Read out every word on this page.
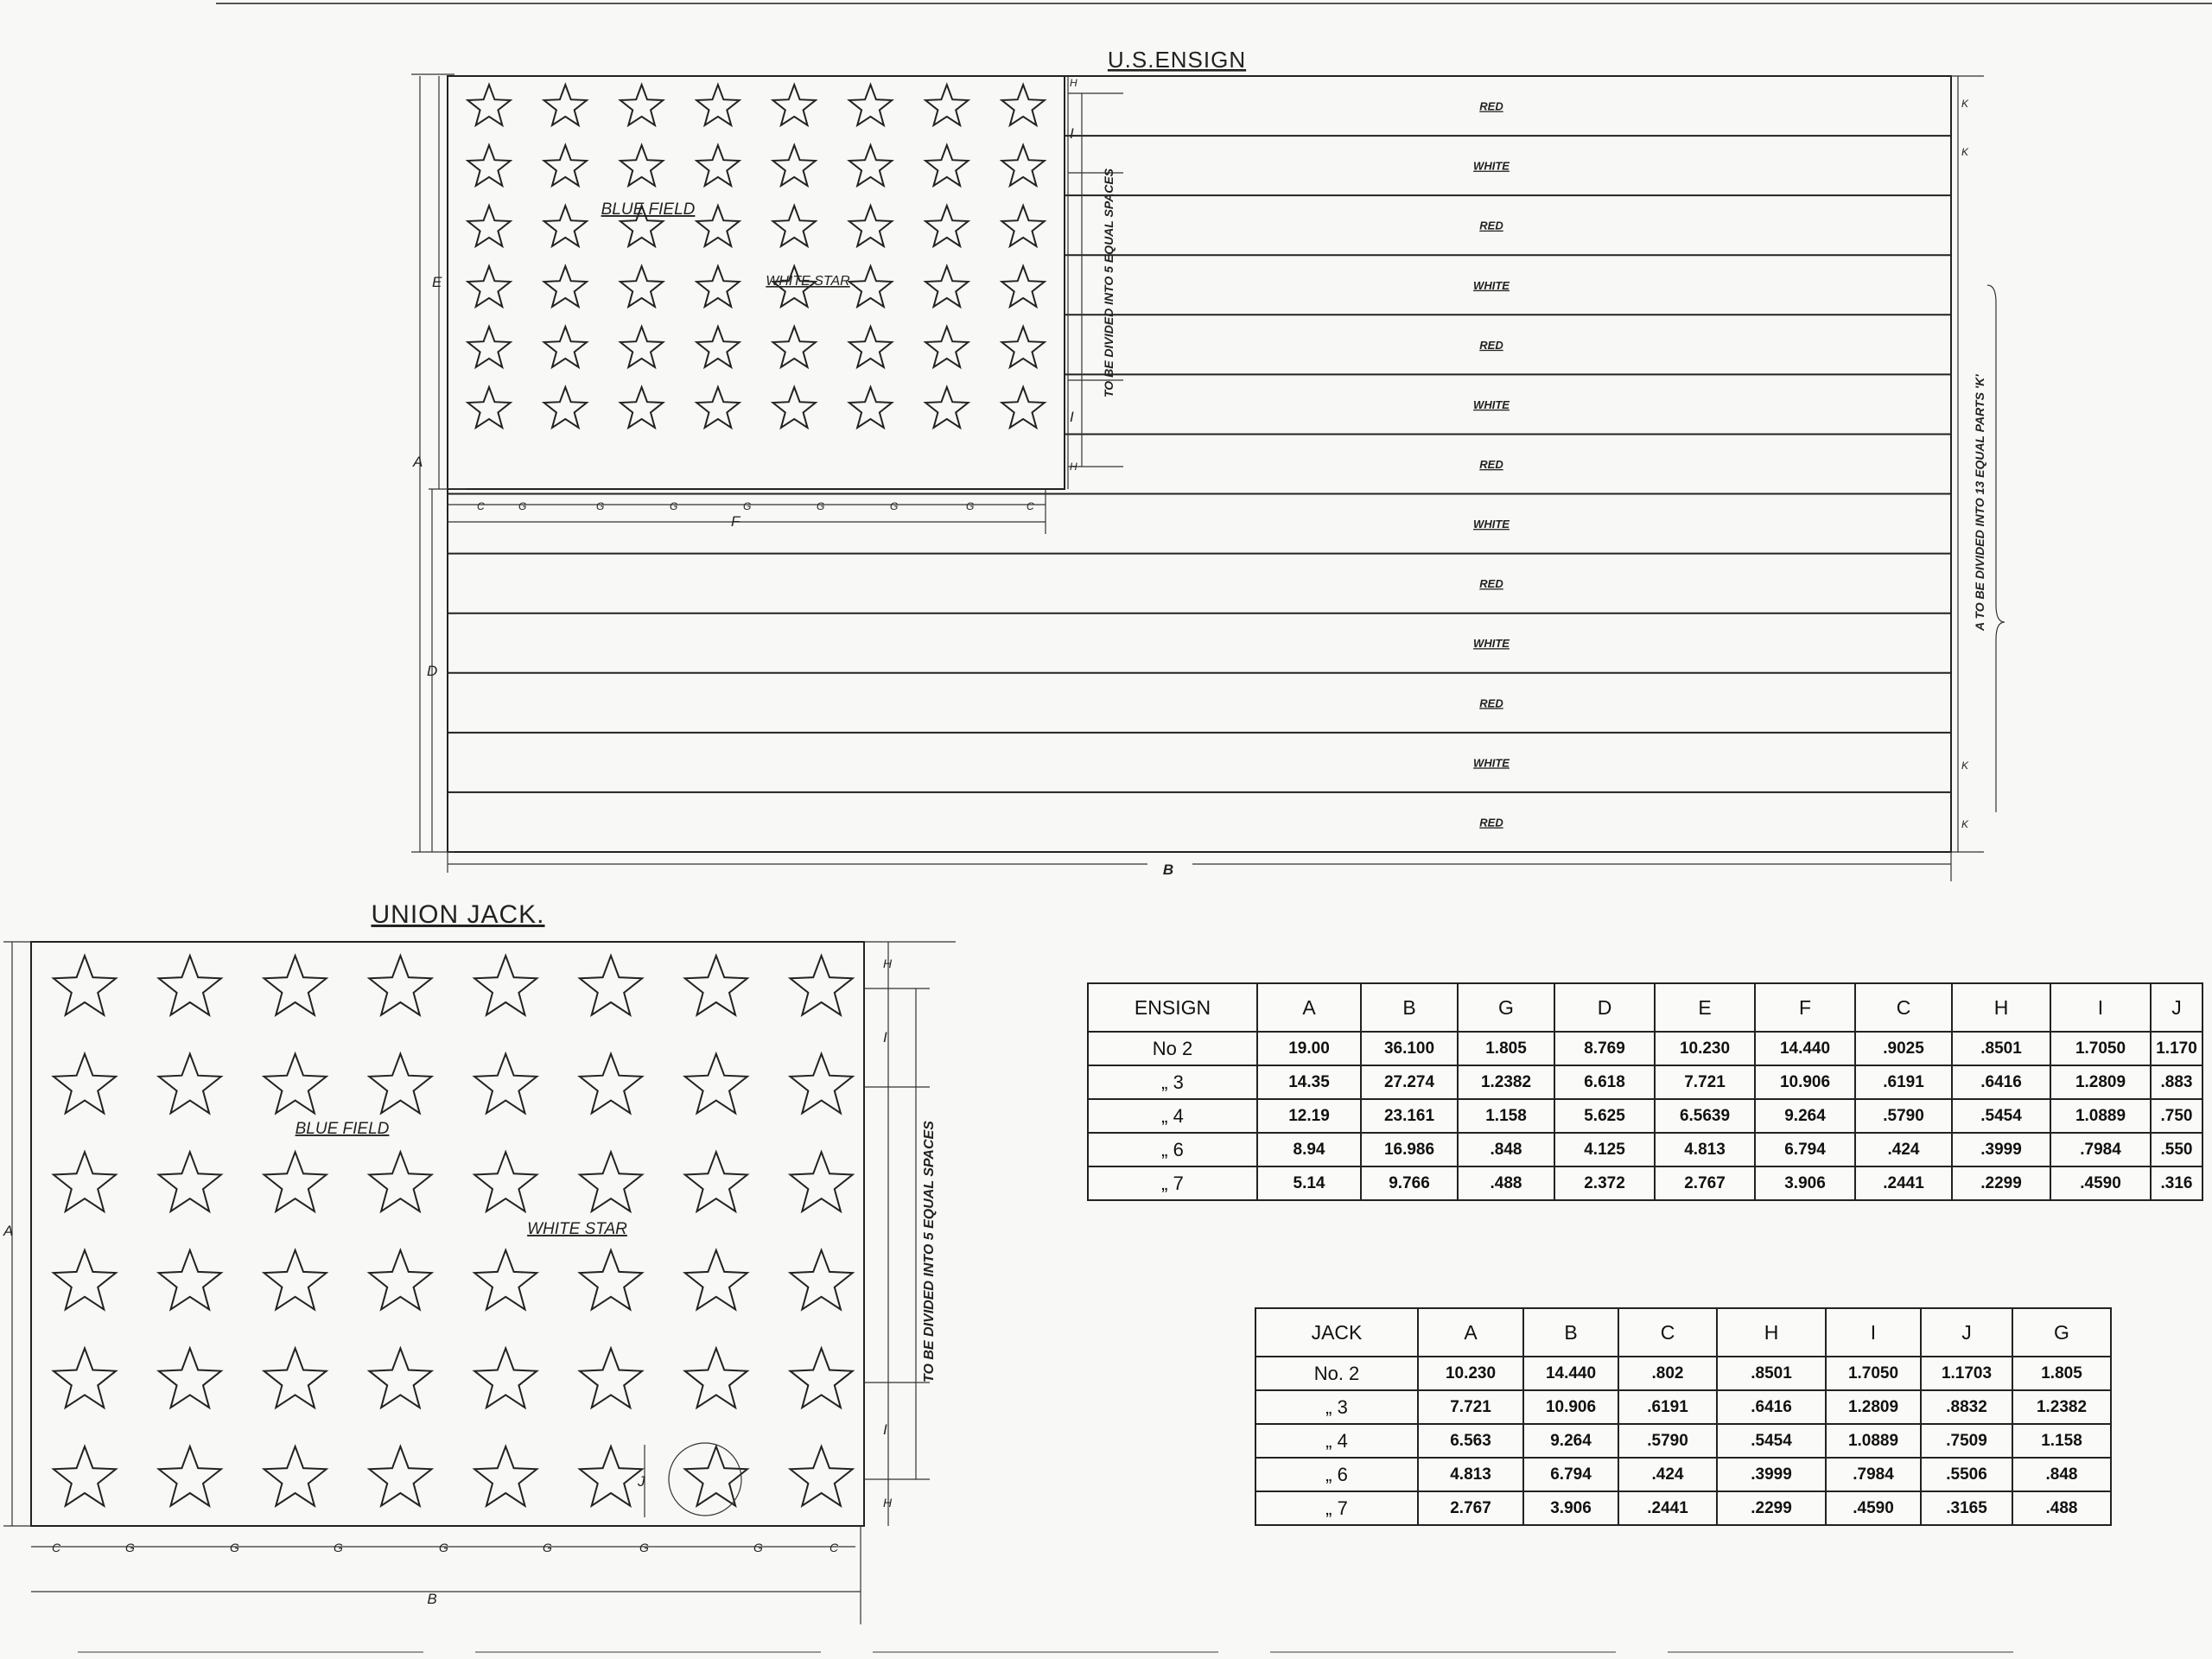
U.S.ENSIGN
RED
WHITE
RED
WHITE
RED
WHITE
RED
WHITE
RED
WHITE
RED
WHITE
RED
BLUE FIELD
WHITE STAR
A
E
D
B
C	G	G	G	G	G	G	G	C
F
H
I
I
H
TO BE DIVIDED INTO 5 EQUAL SPACES
K
K
K
K
A TO BE DIVIDED INTO 13 EQUAL PARTS 'K'
UNION JACK.
BLUE FIELD
WHITE STAR
A
C	G	G	G	G	G	G	G	C
B
H
I
I
H
TO BE DIVIDED INTO 5 EQUAL SPACES
J
ENSIGN	A	B	G	D	E	F	C	H	I	J
No 2	19.00	36.100	1.805	8.769	10.230	14.440	.9025	.8501	1.7050	1.170
„ 3	14.35	27.274	1.2382	6.618	7.721	10.906	.6191	.6416	1.2809	.883
„ 4	12.19	23.161	1.158	5.625	6.5639	9.264	.5790	.5454	1.0889	.750
„ 6	8.94	16.986	.848	4.125	4.813	6.794	.424	.3999	.7984	.550
„ 7	5.14	9.766	.488	2.372	2.767	3.906	.2441	.2299	.4590	.316
JACK	A	B	C	H	I	J	G
No. 2	10.230	14.440	.802	.8501	1.7050	1.1703	1.805
„ 3	7.721	10.906	.6191	.6416	1.2809	.8832	1.2382
„ 4	6.563	9.264	.5790	.5454	1.0889	.7509	1.158
„ 6	4.813	6.794	.424	.3999	.7984	.5506	.848
„ 7	2.767	3.906	.2441	.2299	.4590	.3165	.488
